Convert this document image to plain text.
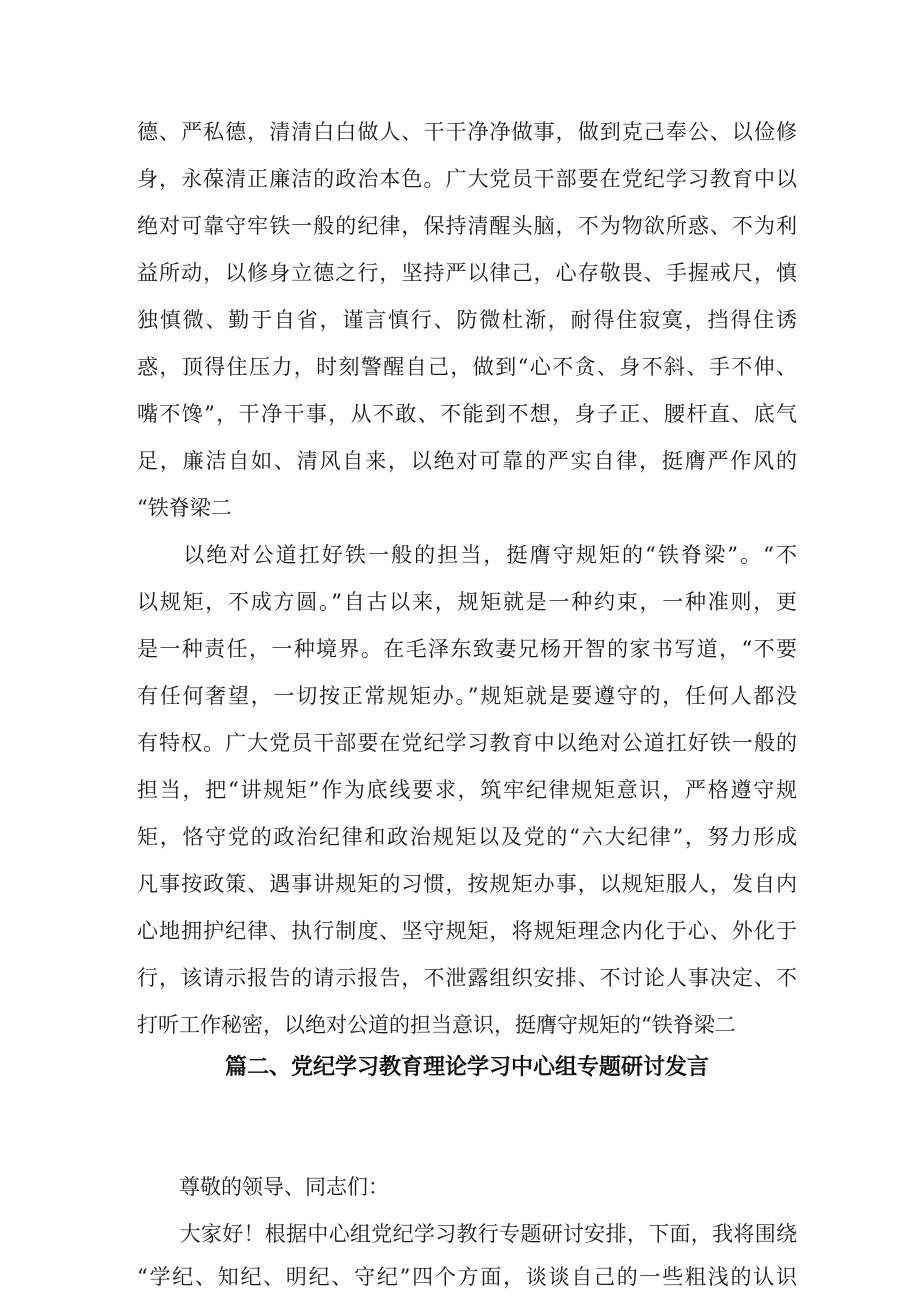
德、严私德，清清白白做人、干干净净做事，做到克己奉公、以俭修
身，永葆清正廉洁的政治本色。广大党员干部要在党纪学习教育中以
绝对可靠守牢铁一般的纪律，保持清醒头脑，不为物欲所惑、不为利
益所动，以修身立德之行，坚持严以律己，心存敬畏、手握戒尺，慎
独慎微、勤于自省，谨言慎行、防微杜渐，耐得住寂寞，挡得住诱
惑，顶得住压力，时刻警醒自己，做到“心不贪、身不斜、手不伸、
嘴不馋”，干净干事，从不敢、不能到不想，身子正、腰杆直、底气
足，廉洁自如、清风自来，以绝对可靠的严实自律，挺膺严作风的
“铁脊梁二
　　以绝对公道扛好铁一般的担当，挺膺守规矩的“铁脊梁”。“不
以规矩，不成方圆。”自古以来，规矩就是一种约束，一种准则，更
是一种责任，一种境界。在毛泽东致妻兄杨开智的家书写道，“不要
有任何奢望，一切按正常规矩办。”规矩就是要遵守的，任何人都没
有特权。广大党员干部要在党纪学习教育中以绝对公道扛好铁一般的
担当，把“讲规矩”作为底线要求，筑牢纪律规矩意识，严格遵守规
矩，恪守党的政治纪律和政治规矩以及党的“六大纪律”，努力形成
凡事按政策、遇事讲规矩的习惯，按规矩办事，以规矩服人，发自内
心地拥护纪律、执行制度、坚守规矩，将规矩理念内化于心、外化于
行，该请示报告的请示报告，不泄露组织安排、不讨论人事决定、不
打听工作秘密，以绝对公道的担当意识，挺膺守规矩的“铁脊梁二
篇二、党纪学习教育理论学习中心组专题研讨发言
　　尊敬的领导、同志们：
　　大家好！根据中心组党纪学习教行专题研讨安排，下面，我将围绕
“学纪、知纪、明纪、守纪”四个方面，谈谈自己的一些粗浅的认识
